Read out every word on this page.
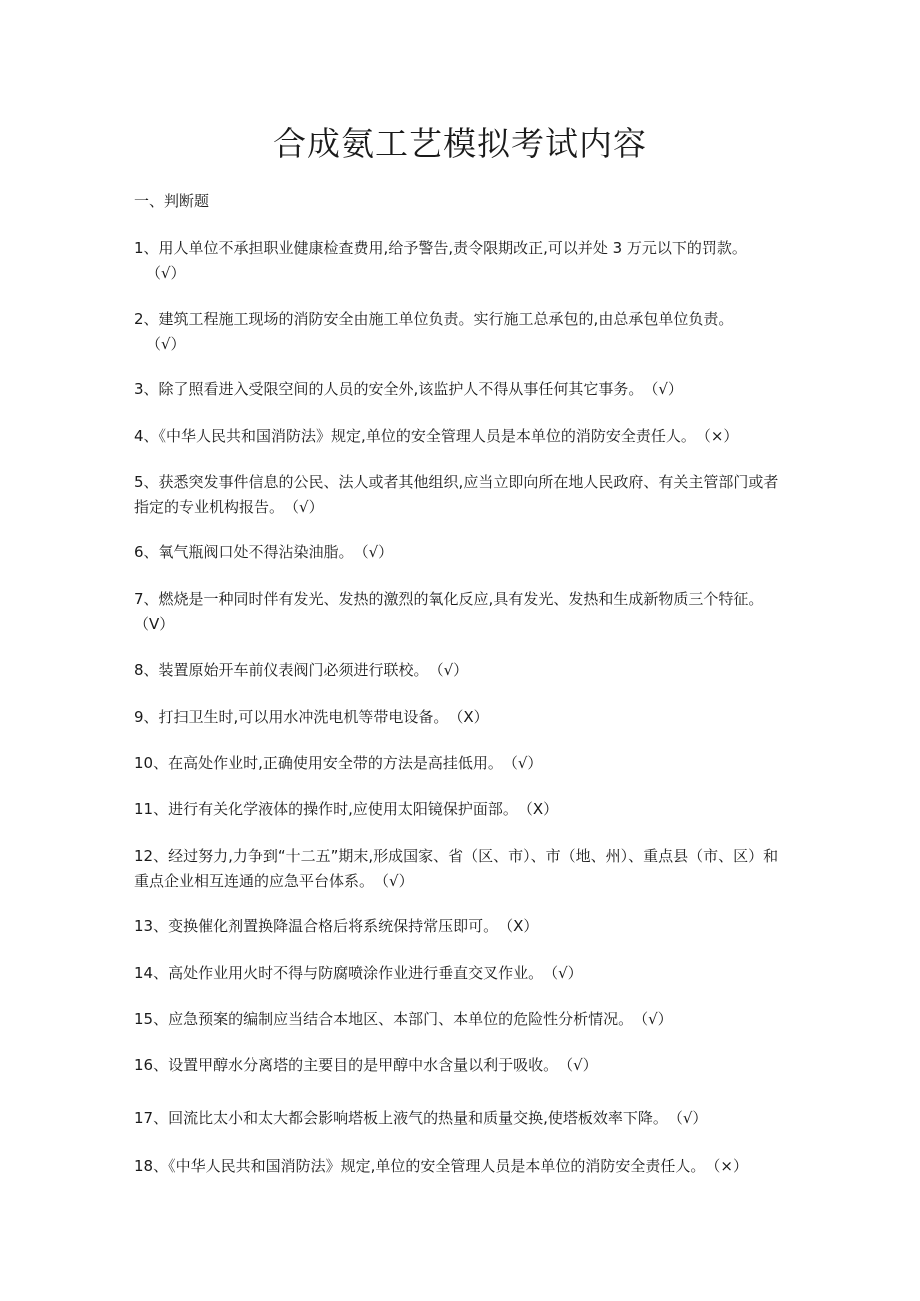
合成氨工艺模拟考试内容
一、判断题
1、用人单位不承担职业健康检查费用,给予警告,责令限期改正,可以并处 3 万元以下的罚款。
（√）
2、建筑工程施工现场的消防安全由施工单位负责。实行施工总承包的,由总承包单位负责。
（√）
3、除了照看进入受限空间的人员的安全外,该监护人不得从事任何其它事务。（√）
4、《中华人民共和国消防法》规定,单位的安全管理人员是本单位的消防安全责任人。（×）
5、获悉突发事件信息的公民、法人或者其他组织,应当立即向所在地人民政府、有关主管部门或者指定的专业机构报告。（√）
6、氧气瓶阀口处不得沾染油脂。（√）
7、燃烧是一种同时伴有发光、发热的激烈的氧化反应,具有发光、发热和生成新物质三个特征。（V）
8、装置原始开车前仪表阀门必须进行联校。（√）
9、打扫卫生时,可以用水冲洗电机等带电设备。（X）
10、在高处作业时,正确使用安全带的方法是高挂低用。（√）
11、进行有关化学液体的操作时,应使用太阳镜保护面部。（X）
12、经过努力,力争到“十二五”期末,形成国家、省（区、市）、市（地、州）、重点县（市、区）和重点企业相互连通的应急平台体系。（√）
13、变换催化剂置换降温合格后将系统保持常压即可。（X）
14、高处作业用火时不得与防腐喷涂作业进行垂直交叉作业。（√）
15、应急预案的编制应当结合本地区、本部门、本单位的危险性分析情况。（√）
16、设置甲醇水分离塔的主要目的是甲醇中水含量以利于吸收。（√）
17、回流比太小和太大都会影响塔板上液气的热量和质量交换,使塔板效率下降。（√）
18、《中华人民共和国消防法》规定,单位的安全管理人员是本单位的消防安全责任人。（×）
